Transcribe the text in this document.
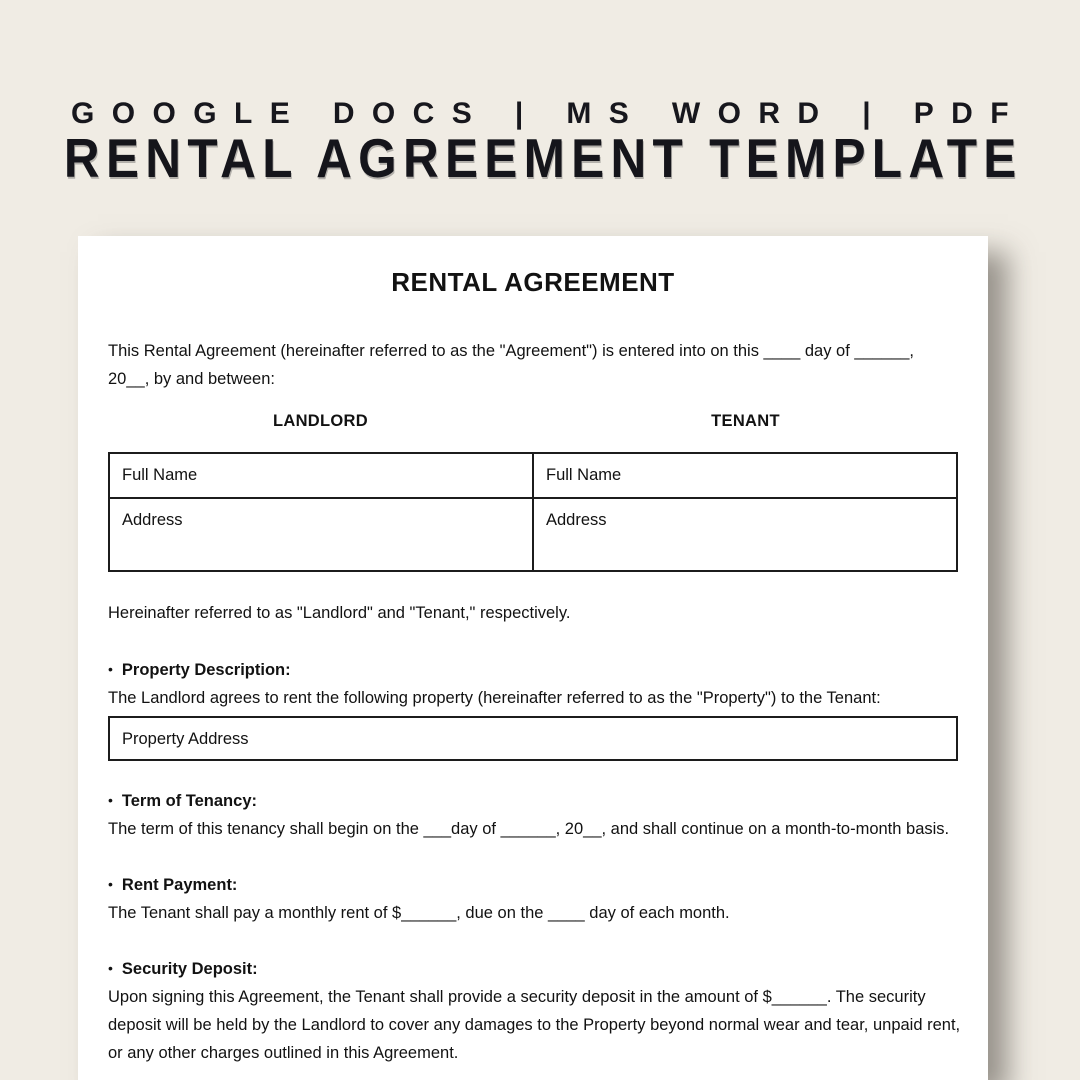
GOOGLE DOCS | MS WORD | PDF
RENTAL AGREEMENT TEMPLATE
RENTAL AGREEMENT

This Rental Agreement (hereinafter referred to as the "Agreement") is entered into on this ____ day of ______,

20__, by and between:

LANDLORD	TENANT
Full Name	Full Name
Address	Address

Hereinafter referred to as "Landlord" and "Tenant," respectively.

• Property Description:

The Landlord agrees to rent the following property (hereinafter referred to as the "Property") to the Tenant:

Property Address

• Term of Tenancy:

The term of this tenancy shall begin on the ___day of ______, 20__, and shall continue on a month-to-month basis.

• Rent Payment:

The Tenant shall pay a monthly rent of $______, due on the ____ day of each month.

• Security Deposit:

Upon signing this Agreement, the Tenant shall provide a security deposit in the amount of $______. The security

deposit will be held by the Landlord to cover any damages to the Property beyond normal wear and tear, unpaid rent,

or any other charges outlined in this Agreement.
